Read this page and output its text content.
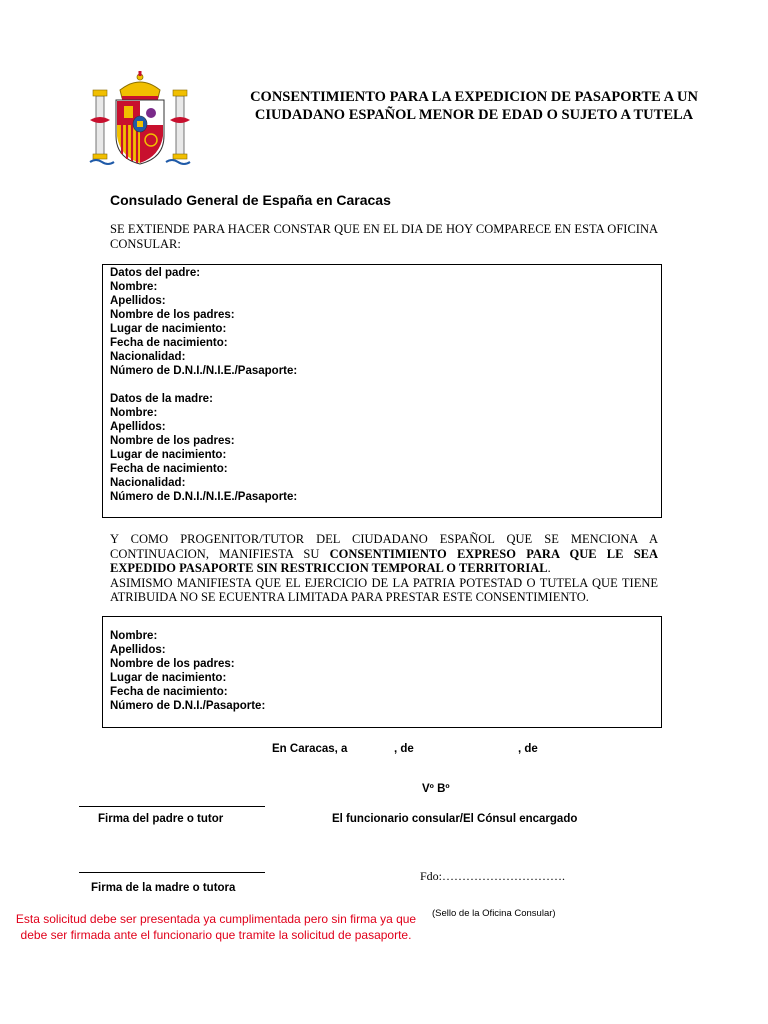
CONSENTIMIENTO PARA LA EXPEDICION DE PASAPORTE A UN CIUDADANO ESPAÑOL MENOR DE EDAD O SUJETO A TUTELA
Consulado General de España en Caracas
SE EXTIENDE PARA HACER CONSTAR QUE EN EL DIA DE HOY COMPARECE EN ESTA OFICINA CONSULAR:
Datos del padre:
Nombre:
Apellidos:
Nombre de los padres:
Lugar de nacimiento:
Fecha de nacimiento:
Nacionalidad:
Número de D.N.I./N.I.E./Pasaporte:
Datos de la madre:
Nombre:
Apellidos:
Nombre de los padres:
Lugar de nacimiento:
Fecha de nacimiento:
Nacionalidad:
Número de D.N.I./N.I.E./Pasaporte:
Y COMO PROGENITOR/TUTOR DEL CIUDADANO ESPAÑOL QUE SE MENCIONA A CONTINUACION, MANIFIESTA SU CONSENTIMIENTO EXPRESO PARA QUE LE SEA EXPEDIDO PASAPORTE SIN RESTRICCION TEMPORAL O TERRITORIAL.
ASIMISMO MANIFIESTA QUE EL EJERCICIO DE LA PATRIA POTESTAD O TUTELA QUE TIENE ATRIBUIDA NO SE ECUENTRA LIMITADA PARA PRESTAR ESTE CONSENTIMIENTO.
Nombre:
Apellidos:
Nombre de los padres:
Lugar de nacimiento:
Fecha de nacimiento:
Número de D.N.I./Pasaporte:
En Caracas, a	, de	, de
Vº Bº
Firma del padre o tutor	El funcionario consular/El Cónsul encargado
Firma de la madre o tutora
Fdo:………………………….
(Sello de la Oficina Consular)
Esta solicitud debe ser presentada ya cumplimentada pero sin firma ya que debe ser firmada ante el funcionario que tramite la solicitud de pasaporte.
